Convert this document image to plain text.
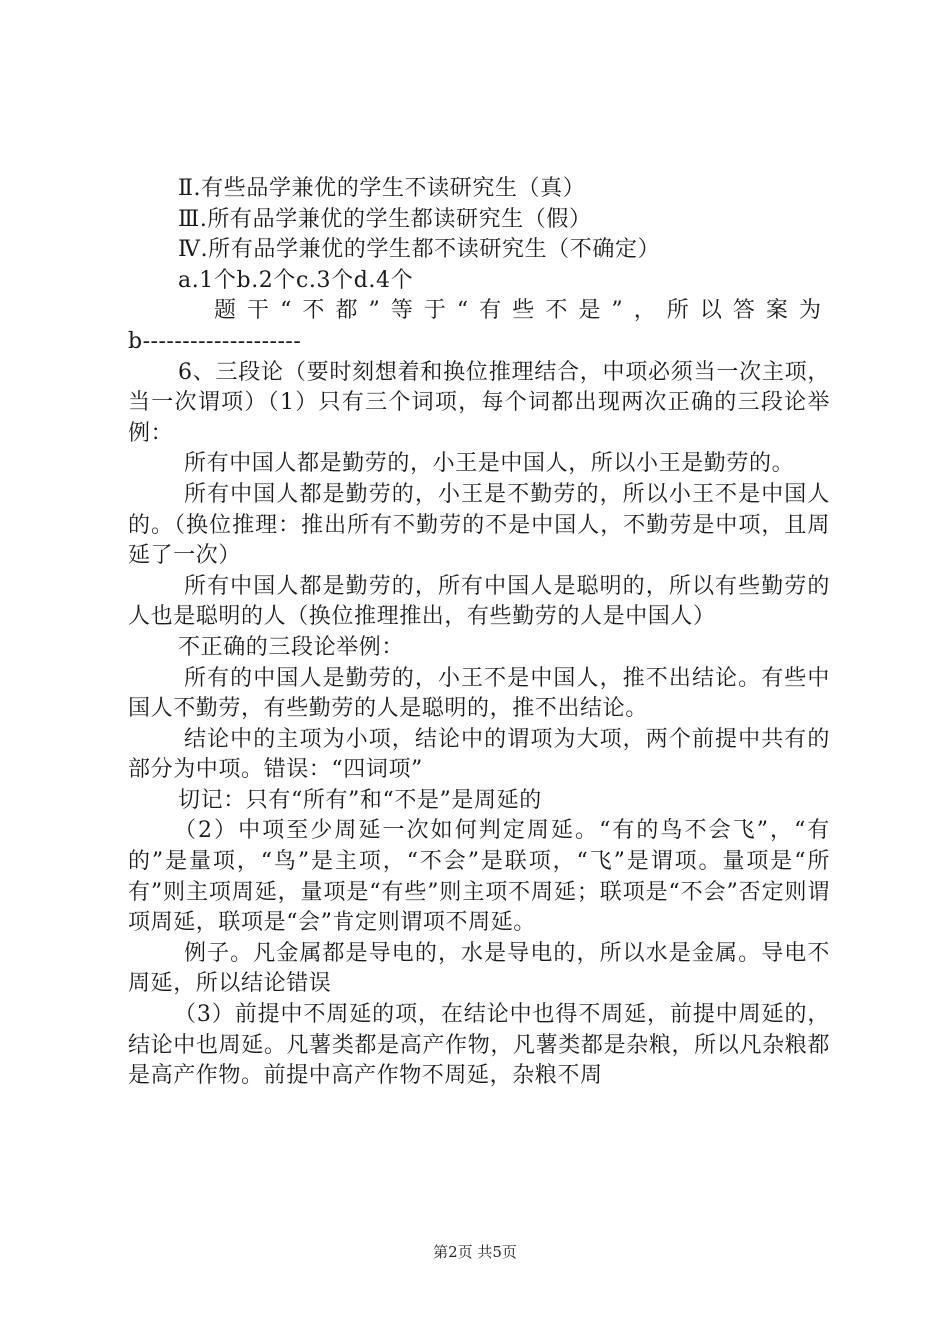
Ⅱ.有些品学兼优的学生不读研究生（真）

Ⅲ.所有品学兼优的学生都读研究生（假）

Ⅳ.所有品学兼优的学生都不读研究生（不确定）

a.1个b.2个c.3个d.4个

题干“不都”等于“有些不是”，所以答案为

b--------------------

6、三段论（要时刻想着和换位推理结合，中项必须当一次主项，当一次谓项）（1）只有三个词项，每个词都出现两次正确的三段论举例：

所有中国人都是勤劳的，小王是中国人，所以小王是勤劳的。

所有中国人都是勤劳的，小王是不勤劳的，所以小王不是中国人的。（换位推理：推出所有不勤劳的不是中国人，不勤劳是中项，且周延了一次）

所有中国人都是勤劳的，所有中国人是聪明的，所以有些勤劳的人也是聪明的人（换位推理推出，有些勤劳的人是中国人）

不正确的三段论举例：

所有的中国人是勤劳的，小王不是中国人，推不出结论。有些中国人不勤劳，有些勤劳的人是聪明的，推不出结论。

结论中的主项为小项，结论中的谓项为大项，两个前提中共有的部分为中项。错误：“四词项”

切记：只有“所有”和“不是”是周延的

（2）中项至少周延一次如何判定周延。“有的鸟不会飞”，“有的”是量项，“鸟”是主项，“不会”是联项，“飞”是谓项。量项是“所有”则主项周延，量项是“有些”则主项不周延；联项是“不会”否定则谓项周延，联项是“会”肯定则谓项不周延。

例子。凡金属都是导电的，水是导电的，所以水是金属。导电不周延，所以结论错误

（3）前提中不周延的项，在结论中也得不周延，前提中周延的，结论中也周延。凡薯类都是高产作物，凡薯类都是杂粮，所以凡杂粮都是高产作物。前提中高产作物不周延，杂粮不周

第2页 共5页
